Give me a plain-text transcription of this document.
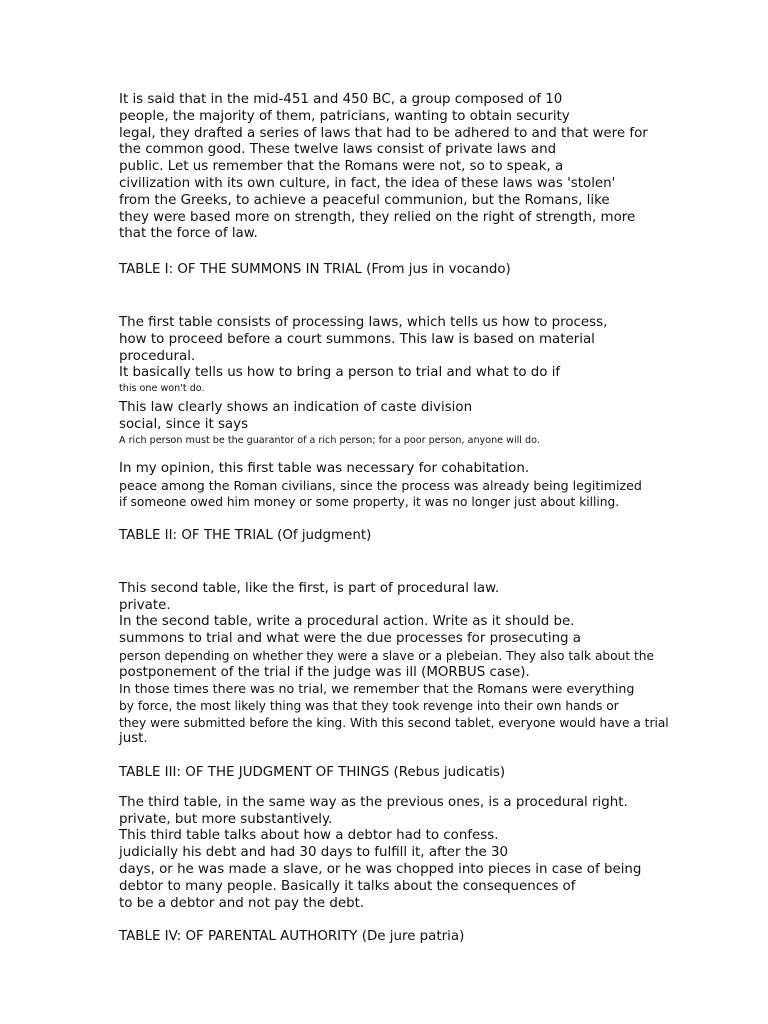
It is said that in the mid-451 and 450 BC, a group composed of 10

people, the majority of them, patricians, wanting to obtain security

legal, they drafted a series of laws that had to be adhered to and that were for

the common good. These twelve laws consist of private laws and

public. Let us remember that the Romans were not, so to speak, a

civilization with its own culture, in fact, the idea of these laws was 'stolen'

from the Greeks, to achieve a peaceful communion, but the Romans, like

they were based more on strength, they relied on the right of strength, more

that the force of law.

TABLE I: OF THE SUMMONS IN TRIAL (From jus in vocando)

The first table consists of processing laws, which tells us how to process,

how to proceed before a court summons. This law is based on material

procedural.

It basically tells us how to bring a person to trial and what to do if

this one won't do.

This law clearly shows an indication of caste division

social, since it says

A rich person must be the guarantor of a rich person; for a poor person, anyone will do.

In my opinion, this first table was necessary for cohabitation.

peace among the Roman civilians, since the process was already being legitimized

if someone owed him money or some property, it was no longer just about killing.

TABLE II: OF THE TRIAL (Of judgment)

This second table, like the first, is part of procedural law.

private.

In the second table, write a procedural action. Write as it should be.

summons to trial and what were the due processes for prosecuting a

person depending on whether they were a slave or a plebeian. They also talk about the

postponement of the trial if the judge was ill (MORBUS case).

In those times there was no trial, we remember that the Romans were everything

by force, the most likely thing was that they took revenge into their own hands or

they were submitted before the king. With this second tablet, everyone would have a trial

just.

TABLE III: OF THE JUDGMENT OF THINGS (Rebus judicatis)

The third table, in the same way as the previous ones, is a procedural right.

private, but more substantively.

This third table talks about how a debtor had to confess.

judicially his debt and had 30 days to fulfill it, after the 30

days, or he was made a slave, or he was chopped into pieces in case of being

debtor to many people. Basically it talks about the consequences of

to be a debtor and not pay the debt.

TABLE IV: OF PARENTAL AUTHORITY (De jure patria)
